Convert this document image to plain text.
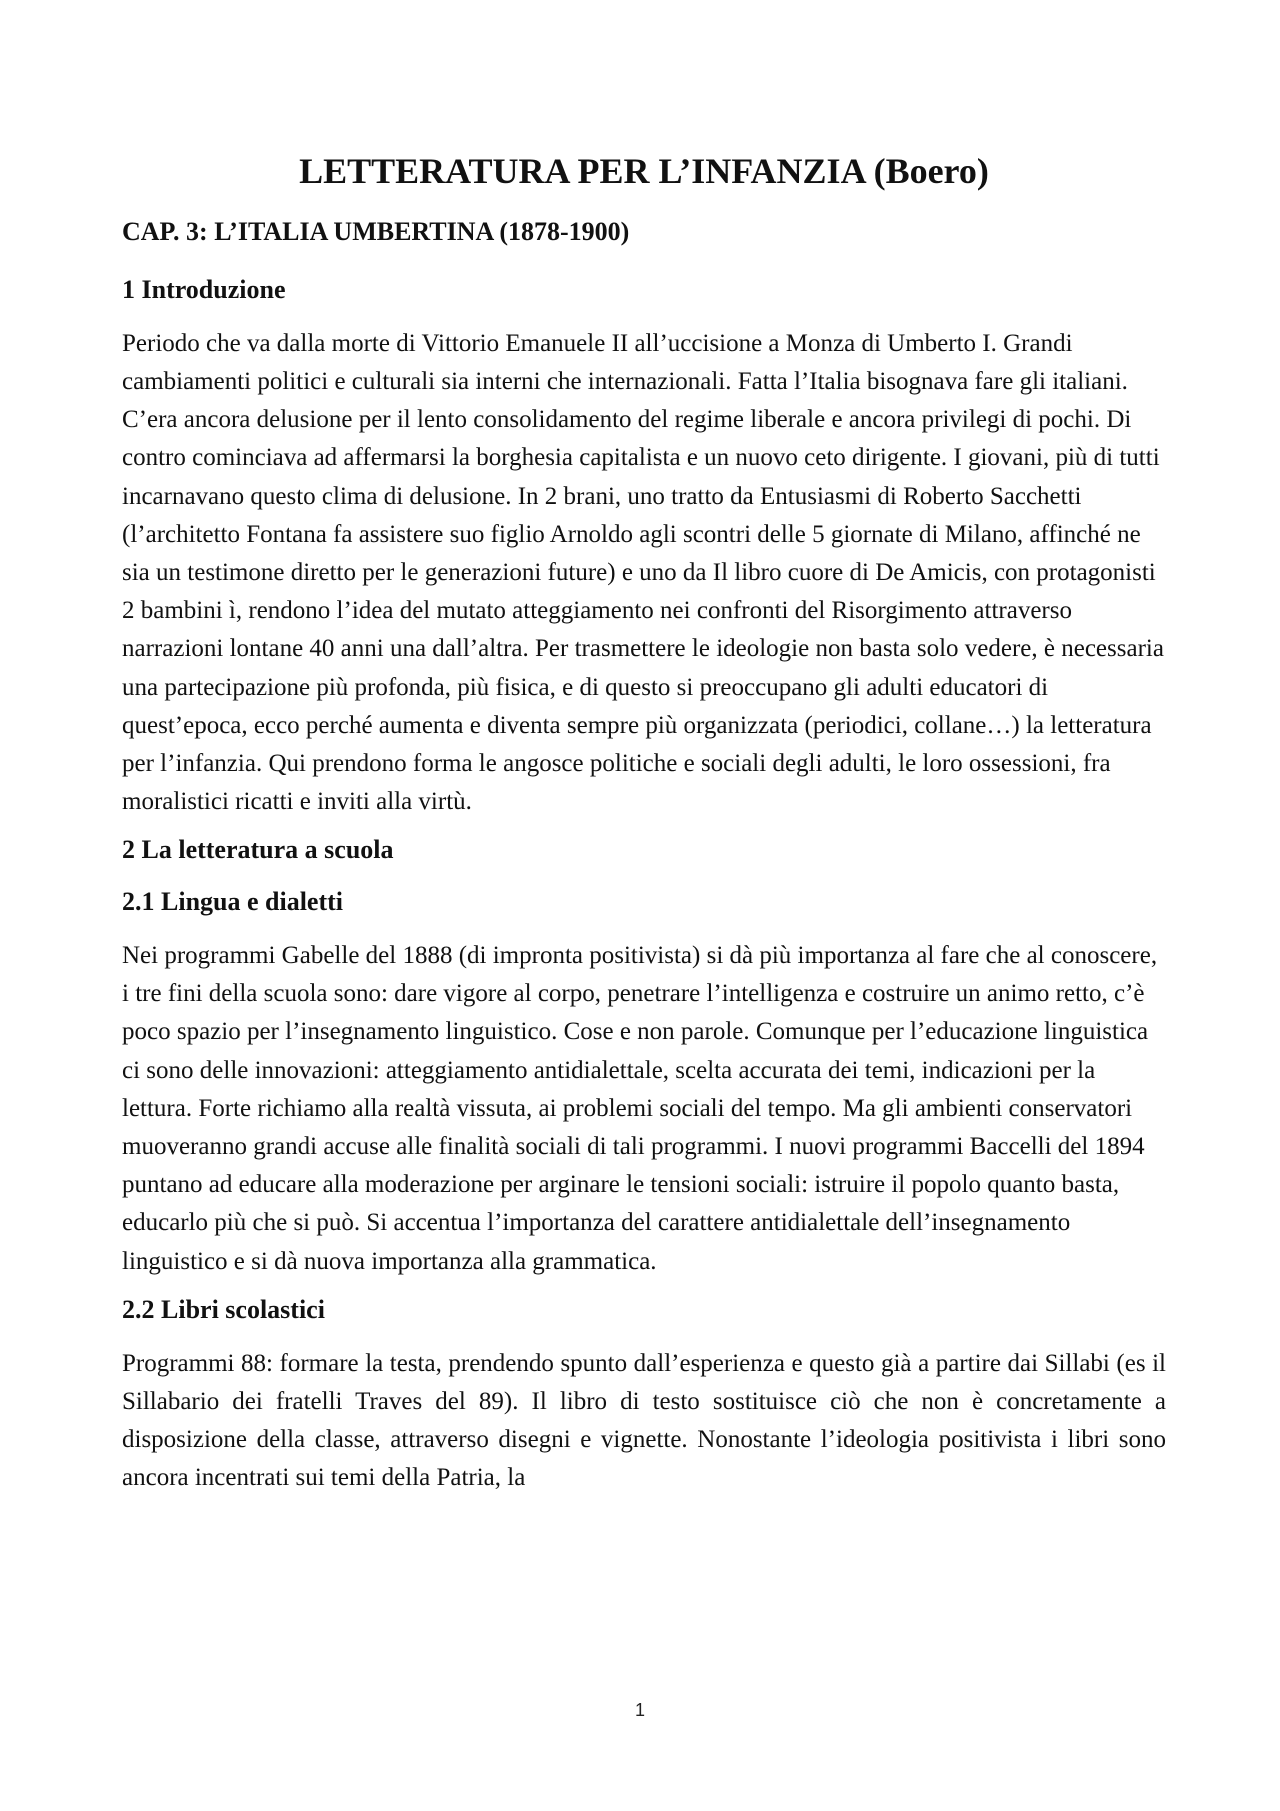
LETTERATURA PER L’INFANZIA (Boero)
CAP. 3: L’ITALIA UMBERTINA (1878-1900)
1 Introduzione

Periodo che va dalla morte di Vittorio Emanuele II all’uccisione a Monza di Umberto I. Grandi cambiamenti politici e culturali sia interni che internazionali. Fatta l’Italia bisognava fare gli italiani. C’era ancora delusione per il lento consolidamento del regime liberale e ancora privilegi di pochi. Di contro cominciava ad affermarsi la borghesia capitalista e un nuovo ceto dirigente. I giovani, più di tutti incarnavano questo clima di delusione. In 2 brani, uno tratto da Entusiasmi di Roberto Sacchetti (l’architetto Fontana fa assistere suo figlio Arnoldo agli scontri delle 5 giornate di Milano, affinché ne sia un testimone diretto per le generazioni future) e uno da Il libro cuore di De Amicis, con protagonisti 2 bambini ì, rendono l’idea del mutato atteggiamento nei confronti del Risorgimento attraverso narrazioni lontane 40 anni una dall’altra. Per trasmettere le ideologie non basta solo vedere, è necessaria una partecipazione più profonda, più fisica, e di questo si preoccupano gli adulti educatori di quest’epoca, ecco perché aumenta e diventa sempre più organizzata (periodici, collane…) la letteratura per l’infanzia. Qui prendono forma le angosce politiche e sociali degli adulti, le loro ossessioni, fra moralistici ricatti e inviti alla virtù.

2 La letteratura a scuola
2.1 Lingua e dialetti

Nei programmi Gabelle del 1888 (di impronta positivista) si dà più importanza al fare che al conoscere, i tre fini della scuola sono: dare vigore al corpo, penetrare l’intelligenza e costruire un animo retto, c’è poco spazio per l’insegnamento linguistico. Cose e non parole. Comunque per l’educazione linguistica ci sono delle innovazioni: atteggiamento antidialettale, scelta accurata dei temi, indicazioni per la lettura. Forte richiamo alla realtà vissuta, ai problemi sociali del tempo. Ma gli ambienti conservatori muoveranno grandi accuse alle finalità sociali di tali programmi. I nuovi programmi Baccelli del 1894 puntano ad educare alla moderazione per arginare le tensioni sociali: istruire il popolo quanto basta, educarlo più che si può. Si accentua l’importanza del carattere antidialettale dell’insegnamento linguistico e si dà nuova importanza alla grammatica.

2.2 Libri scolastici

Programmi 88: formare la testa, prendendo spunto dall’esperienza e questo già a partire dai Sillabi (es il Sillabario dei fratelli Traves del 89). Il libro di testo sostituisce ciò che non è concretamente a disposizione della classe, attraverso disegni e vignette. Nonostante l’ideologia positivista i libri sono ancora incentrati sui temi della Patria, la

1
